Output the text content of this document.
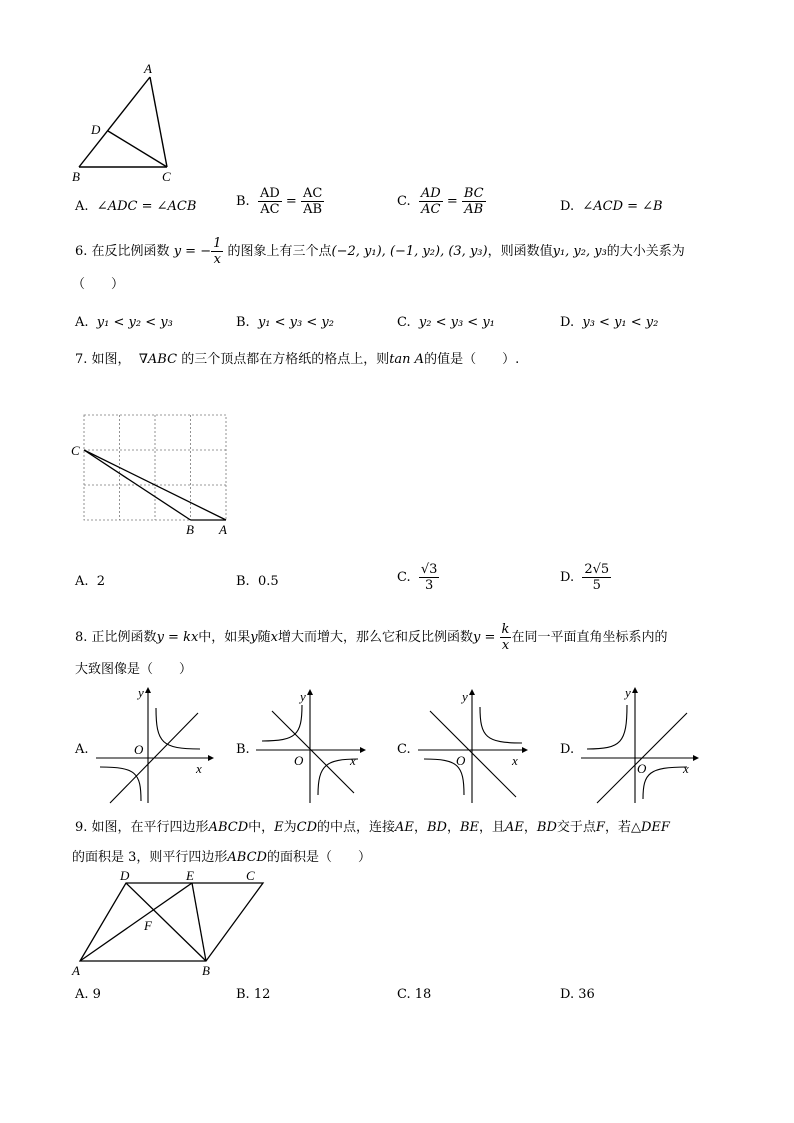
A
D
B	C
A. ∠ADC = ∠ACB	B. $\frac{AD}{AC} = \frac{AC}{AB}$	C. $\frac{AD}{AC} = \frac{BC}{AB}$	D. ∠ACD = ∠B
6. 在反比例函数 y = − $\frac{1}{x}$ 的图象上有三个点(−2, y₁), (−1, y₂), (3, y₃)，则函数值y₁, y₂, y₃的大小关系为
（　　）
A. y₁ < y₂ < y₃	B. y₁ < y₃ < y₂	C. y₂ < y₃ < y₁	D. y₃ < y₁ < y₂
7. 如图， ∇ABC 的三个顶点都在方格纸的格点上，则tan A的值是（　　）.
C
B A
A. 2	B. 0.5	C. $\frac{√3}{3}$	D. $\frac{2√5}{5}$
8. 正比例函数y = kx中，如果y随x增大而增大，那么它和反比例函数$y = \frac{k}{x}$ 在同一平面直角坐标系内的
大致图像是（　　）
A.
y
x
O	B.
y
x
O
C.
y
x
O
D.
y
x
O
9. 如图，在平行四边形ABCD中，E为CD的中点，连接AE，BD，BE，且AE，BD交于点F，若△DEF
的面积是 3，则平行四边形ABCD的面积是（　　）
D	E	C
F
A	B
A. 9	B. 12	C. 18	D. 36
